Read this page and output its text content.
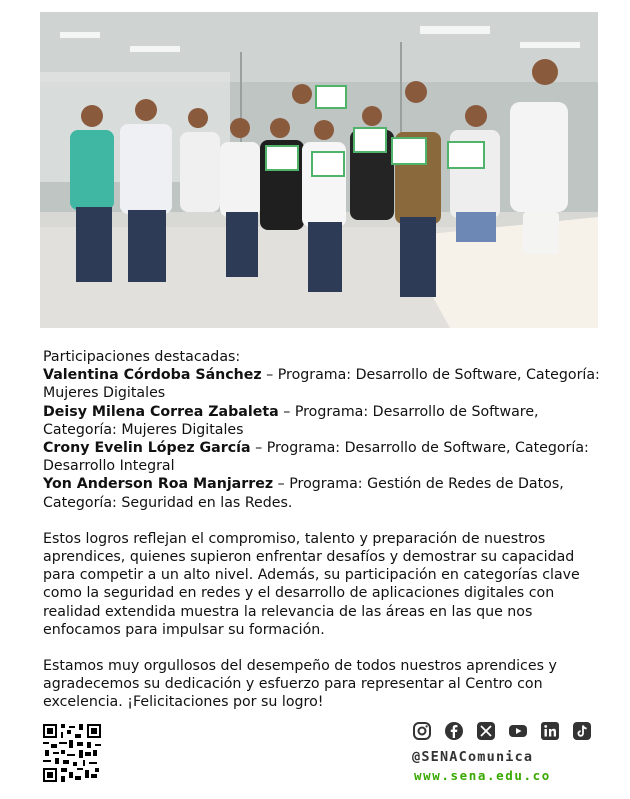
Participaciones destacadas:

Valentina Córdoba Sánchez – Programa: Desarrollo de Software, Categoría:
Mujeres Digitales

Deisy Milena Correa Zabaleta – Programa: Desarrollo de Software,
Categoría: Mujeres Digitales

Crony Evelin López García – Programa: Desarrollo de Software, Categoría:
Desarrollo Integral

Yon Anderson Roa Manjarrez – Programa: Gestión de Redes de Datos,
Categoría: Seguridad en las Redes.

Estos logros reflejan el compromiso, talento y preparación de nuestros
aprendices, quienes supieron enfrentar desafíos y demostrar su capacidad
para competir a un alto nivel. Además, su participación en categorías clave
como la seguridad en redes y el desarrollo de aplicaciones digitales con
realidad extendida muestra la relevancia de las áreas en las que nos
enfocamos para impulsar su formación.

Estamos muy orgullosos del desempeño de todos nuestros aprendices y
agradecemos su dedicación y esfuerzo para representar al Centro con
excelencia. ¡Felicitaciones por su logro!

@SENAComunica
www.sena.edu.co
